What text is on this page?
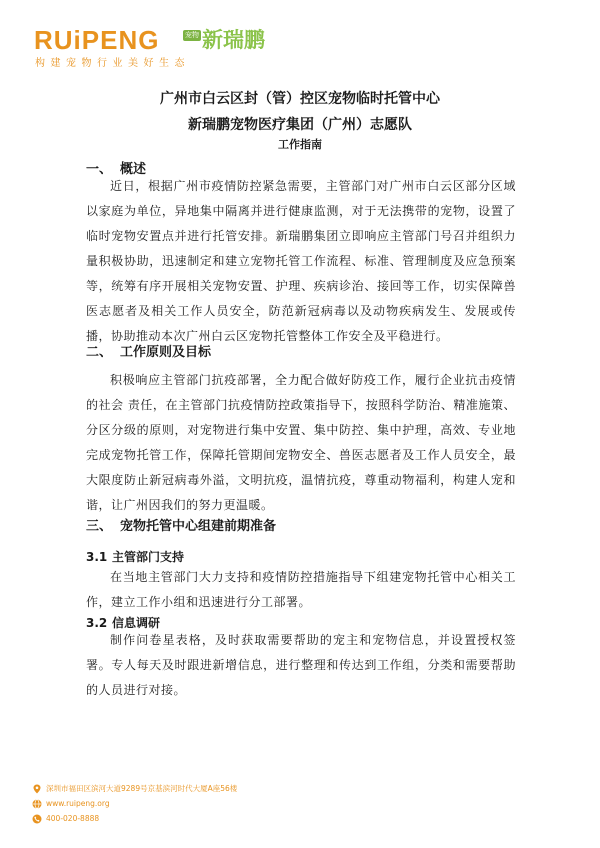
RUiPENG	宠物 新瑞鹏
构建宠物行业美好生态
广州市白云区封（管）控区宠物临时托管中心
新瑞鹏宠物医疗集团（广州）志愿队
工作指南
一、 概述

近日，根据广州市疫情防控紧急需要，主管部门对广州市白云区部分区域以家庭为单位，异地集中隔离并进行健康监测，对于无法携带的宠物，设置了临时宠物安置点并进行托管安排。新瑞鹏集团立即响应主管部门号召并组织力量积极协助，迅速制定和建立宠物托管工作流程、标准、管理制度及应急预案等，统筹有序开展相关宠物安置、护理、疾病诊治、接回等工作，切实保障兽医志愿者及相关工作人员安全，防范新冠病毒以及动物疾病发生、发展或传播，协助推动本次广州白云区宠物托管整体工作安全及平稳进行。

二、 工作原则及目标

积极响应主管部门抗疫部署，全力配合做好防疫工作，履行企业抗击疫情的社会 责任，在主管部门抗疫情防控政策指导下，按照科学防治、精准施策、分区分级的原则，对宠物进行集中安置、集中防控、集中护理，高效、专业地完成宠物托管工作，保障托管期间宠物安全、兽医志愿者及工作人员安全，最大限度防止新冠病毒外溢，文明抗疫，温情抗疫，尊重动物福利，构建人宠和谐，让广州因我们的努力更温暖。

三、 宠物托管中心组建前期准备
3.1 主管部门支持

在当地主管部门大力支持和疫情防控措施指导下组建宠物托管中心相关工作，建立工作小组和迅速进行分工部署。

3.2 信息调研

制作问卷星表格，及时获取需要帮助的宠主和宠物信息，并设置授权签署。专人每天及时跟进新增信息，进行整理和传达到工作组，分类和需要帮助的人员进行对接。

深圳市福田区滨河大道9289号京基滨河时代大厦A座56楼
www.ruipeng.org
400-020-8888
